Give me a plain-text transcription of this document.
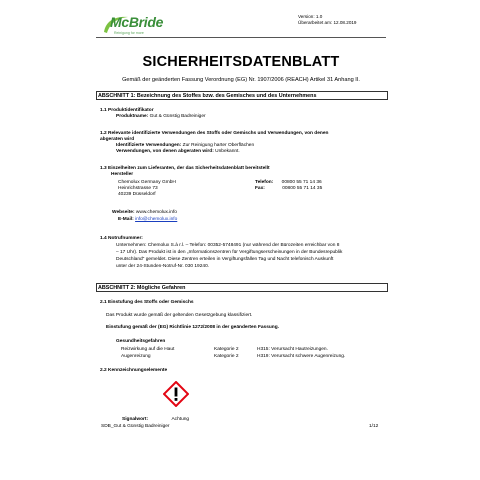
McBride
Reinigung for more
Version: 1.0
Überarbeitet am: 12.08.2019
SICHERHEITSDATENBLATT
Gemäß der geänderten Fassung Verordnung (EG) Nr. 1907/2006 (REACH) Artikel 31 Anhang II.
ABSCHNITT 1: Bezeichnung des Stoffes bzw. des Gemisches und des Unternehmens
1.1 Produktidentifikator
Produktname: Gut & Günstig Badreiniger
1.2 Relevante identifizierte Verwendungen des Stoffs oder Gemischs und Verwendungen, von denen
abgeraten wird
Identifizierte Verwendungen: Zur Reinigung harter Oberflächen
Verwendungen, von denen abgeraten wird: Unbekannt.
1.3 Einzelheiten zum Lieferanten, der das Sicherheitsdatenblatt bereitstellt
Hersteller
Chemolux Germany GmbH
Heinrichstrasse 73
40239 Düsseldorf
Telefon: 00800 55 71 14 36
Fax:	00800 55 71 14 35
Webseite: www.chemolux.info
E-Mail: info@chemolux.info
1.4 Notrufnummer:
Unternehmen: Chemolux S.à r.l. – Telefon: 00352-5748491 (nur während der Bürozeiten erreichbar von 8
– 17 Uhr). Das Produkt ist in den „Informationszentren für Vergiftungserscheinungen in der Bundesrepublik
Deutschland" gemeldet. Diese Zentren erteilen in Vergiftungsfällen Tag und Nacht telefonisch Auskunft
unter der 24-Stunden-Notruf-Nr. 030 19240.
ABSCHNITT 2: Mögliche Gefahren
2.1 Einstufung des Stoffs oder Gemischs
Das Produkt wurde gemäß der geltenden Gesetzgebung klassifiziert.
Einstufung gemäß der (EG) Richtlinie 1272/2008 in der geänderten Fassung.
Gesundheitsgefahren
Reizwirkung auf die Haut	Kategorie 2	H315: Verursacht Hautreizungen.
Augenreizung	Kategorie 2	H319: Verursacht schwere Augenreizung.
2.2 Kennzeichnungselemente
Signalwort:	Achtung
SDB_Gut & Günstig Badreiniger	1/12
